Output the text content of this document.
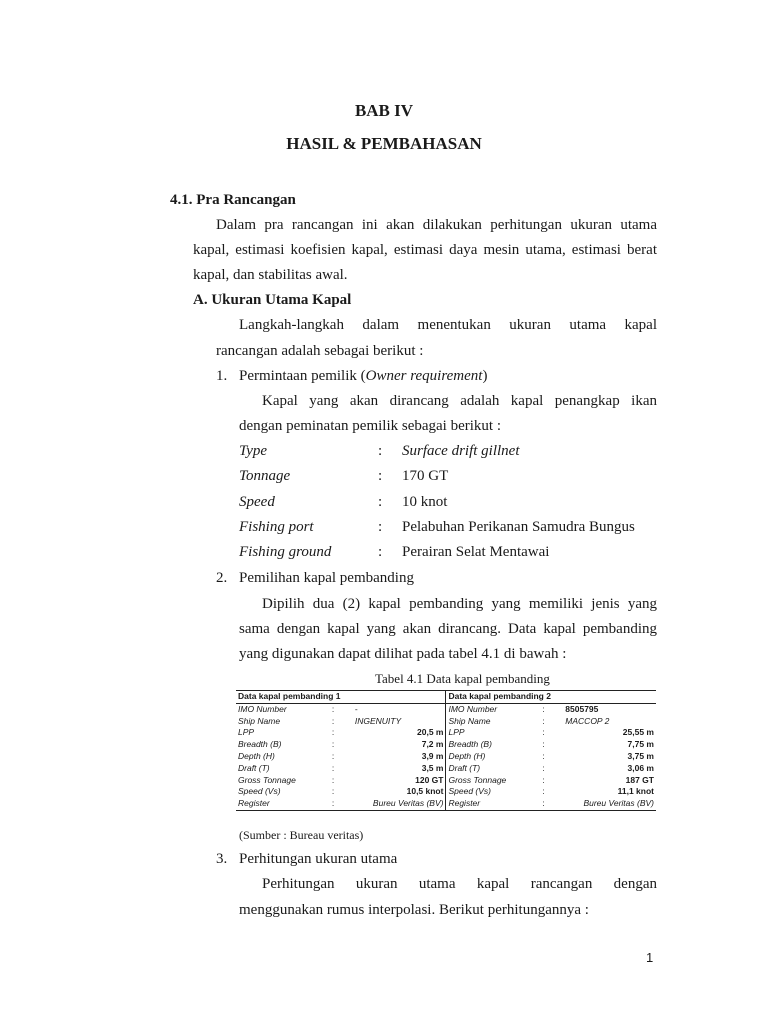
BAB IV
HASIL & PEMBAHASAN
4.1. Pra Rancangan
Dalam pra rancangan ini akan dilakukan perhitungan ukuran utama
kapal, estimasi koefisien kapal, estimasi daya mesin utama, estimasi berat
kapal, dan stabilitas awal.
A. Ukuran Utama Kapal
Langkah-langkah dalam menentukan ukuran utama kapal
rancangan adalah sebagai berikut :
1. Permintaan pemilik (Owner requirement)
Kapal yang akan dirancang adalah kapal penangkap ikan
dengan peminatan pemilik sebagai berikut :
Type	: Surface drift gillnet
Tonnage	: 170 GT
Speed	: 10 knot
Fishing port	: Pelabuhan Perikanan Samudra Bungus
Fishing ground	: Perairan Selat Mentawai
2. Pemilihan kapal pembanding
Dipilih dua (2) kapal pembanding yang memiliki jenis yang
sama dengan kapal yang akan dirancang. Data kapal pembanding
yang digunakan dapat dilihat pada tabel 4.1 di bawah :
Tabel 4.1 Data kapal pembanding
Data kapal pembanding 1			Data kapal pembanding 2		
IMO Number	:	-	IMO Number	:	8505795
Ship Name	:	INGENUITY	Ship Name	:	MACCOP 2
LPP	:	20,5 m	LPP	:	25,55 m
Breadth (B)	:	7,2 m	Breadth (B)	:	7,75 m
Depth (H)	:	3,9 m	Depth (H)	:	3,75 m
Draft (T)	:	3,5 m	Draft (T)	:	3,06 m
Gross Tonnage	:	120 GT	Gross Tonnage	:	187 GT
Speed (Vs)	:	10,5 knot	Speed (Vs)	:	11,1 knot
Register	:	Bureu Veritas (BV)	Register	:	Bureu Veritas (BV)
(Sumber : Bureau veritas)
3. Perhitungan ukuran utama
Perhitungan ukuran utama kapal rancangan dengan
menggunakan rumus interpolasi. Berikut perhitungannya :
1
